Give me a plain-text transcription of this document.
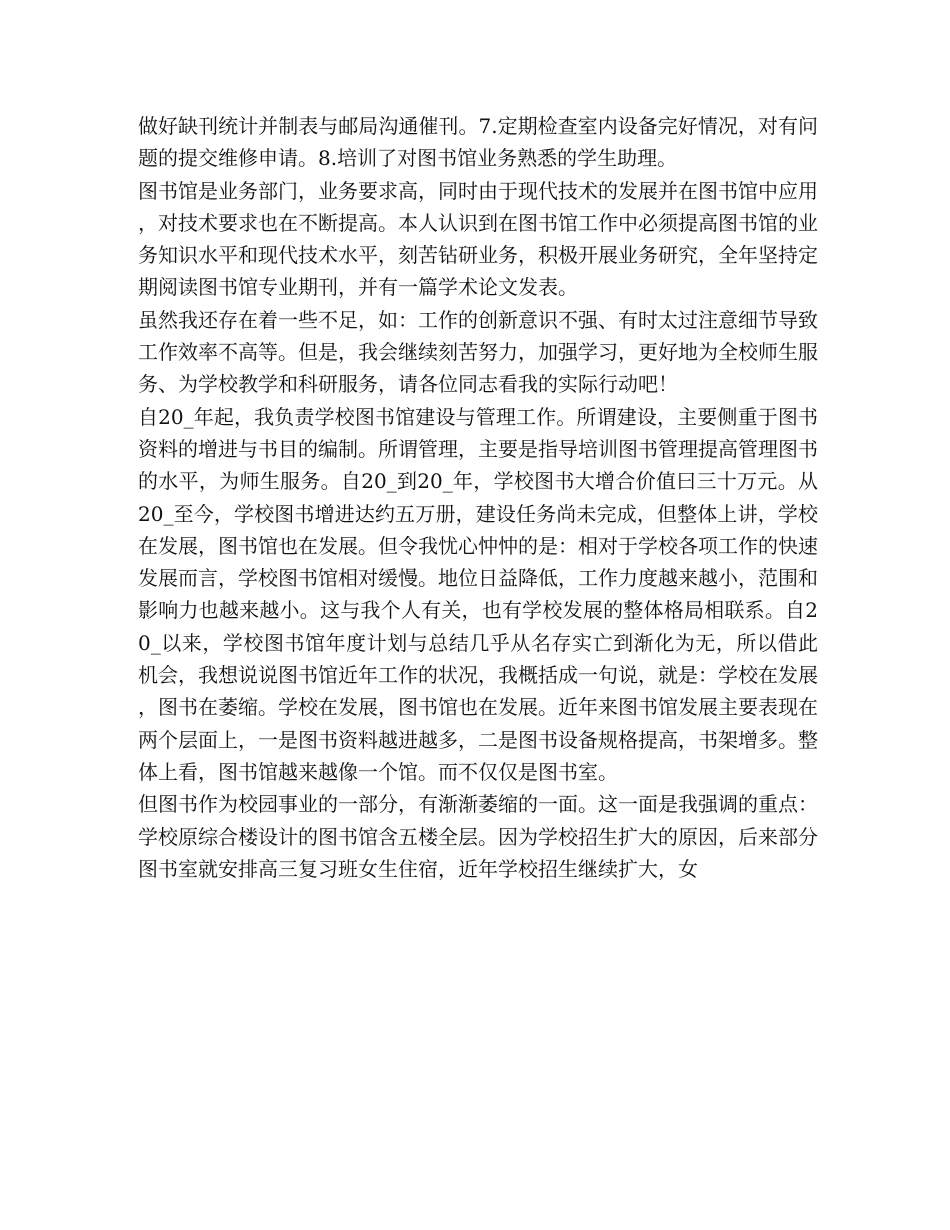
做好缺刊统计并制表与邮局沟通催刊。7.定期检查室内设备完好情况，对有问题的提交维修申请。8.培训了对图书馆业务熟悉的学生助理。

图书馆是业务部门，业务要求高，同时由于现代技术的发展并在图书馆中应用，对技术要求也在不断提高。本人认识到在图书馆工作中必须提高图书馆的业务知识水平和现代技术水平，刻苦钻研业务，积极开展业务研究，全年坚持定期阅读图书馆专业期刊，并有一篇学术论文发表。

虽然我还存在着一些不足，如：工作的创新意识不强、有时太过注意细节导致工作效率不高等。但是，我会继续刻苦努力，加强学习，更好地为全校师生服务、为学校教学和科研服务，请各位同志看我的实际行动吧！

自20_年起，我负责学校图书馆建设与管理工作。所谓建设，主要侧重于图书资料的增进与书目的编制。所谓管理，主要是指导培训图书管理提高管理图书的水平，为师生服务。自20_到20_年，学校图书大增合价值曰三十万元。从20_至今，学校图书增进达约五万册，建设任务尚未完成，但整体上讲，学校在发展，图书馆也在发展。但令我忧心忡忡的是：相对于学校各项工作的快速发展而言，学校图书馆相对缓慢。地位日益降低，工作力度越来越小，范围和影响力也越来越小。这与我个人有关，也有学校发展的整体格局相联系。自20_以来，学校图书馆年度计划与总结几乎从名存实亡到渐化为无，所以借此机会，我想说说图书馆近年工作的状况，我概括成一句说，就是：学校在发展，图书在萎缩。学校在发展，图书馆也在发展。近年来图书馆发展主要表现在两个层面上，一是图书资料越进越多，二是图书设备规格提高，书架增多。整体上看，图书馆越来越像一个馆。而不仅仅是图书室。

但图书作为校园事业的一部分，有渐渐萎缩的一面。这一面是我强调的重点：

学校原综合楼设计的图书馆含五楼全层。因为学校招生扩大的原因，后来部分图书室就安排高三复习班女生住宿，近年学校招生继续扩大，女
